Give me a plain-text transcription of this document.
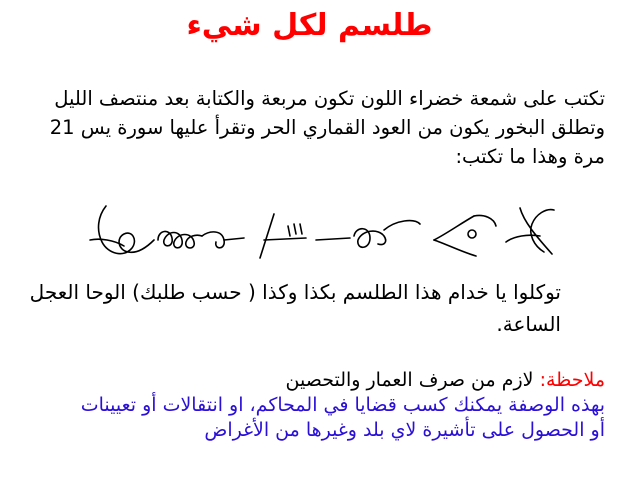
طلسم لكل شيء
تكتب على شمعة خضراء اللون تكون مربعة والكتابة بعد منتصف الليل
وتطلق البخور يكون من العود القماري الحر وتقرأ عليها سورة يس 21
مرة وهذا ما تكتب:
توكلوا يا خدام هذا الطلسم بكذا وكذا ( حسب طلبك) الوحا العجل
الساعة.
ملاحظة: لازم من صرف العمار والتحصين
بهذه الوصفة يمكنك كسب قضايا في المحاكم، او انتقالات أو تعيينات
أو الحصول على تأشيرة لاي بلد وغيرها من الأغراض
